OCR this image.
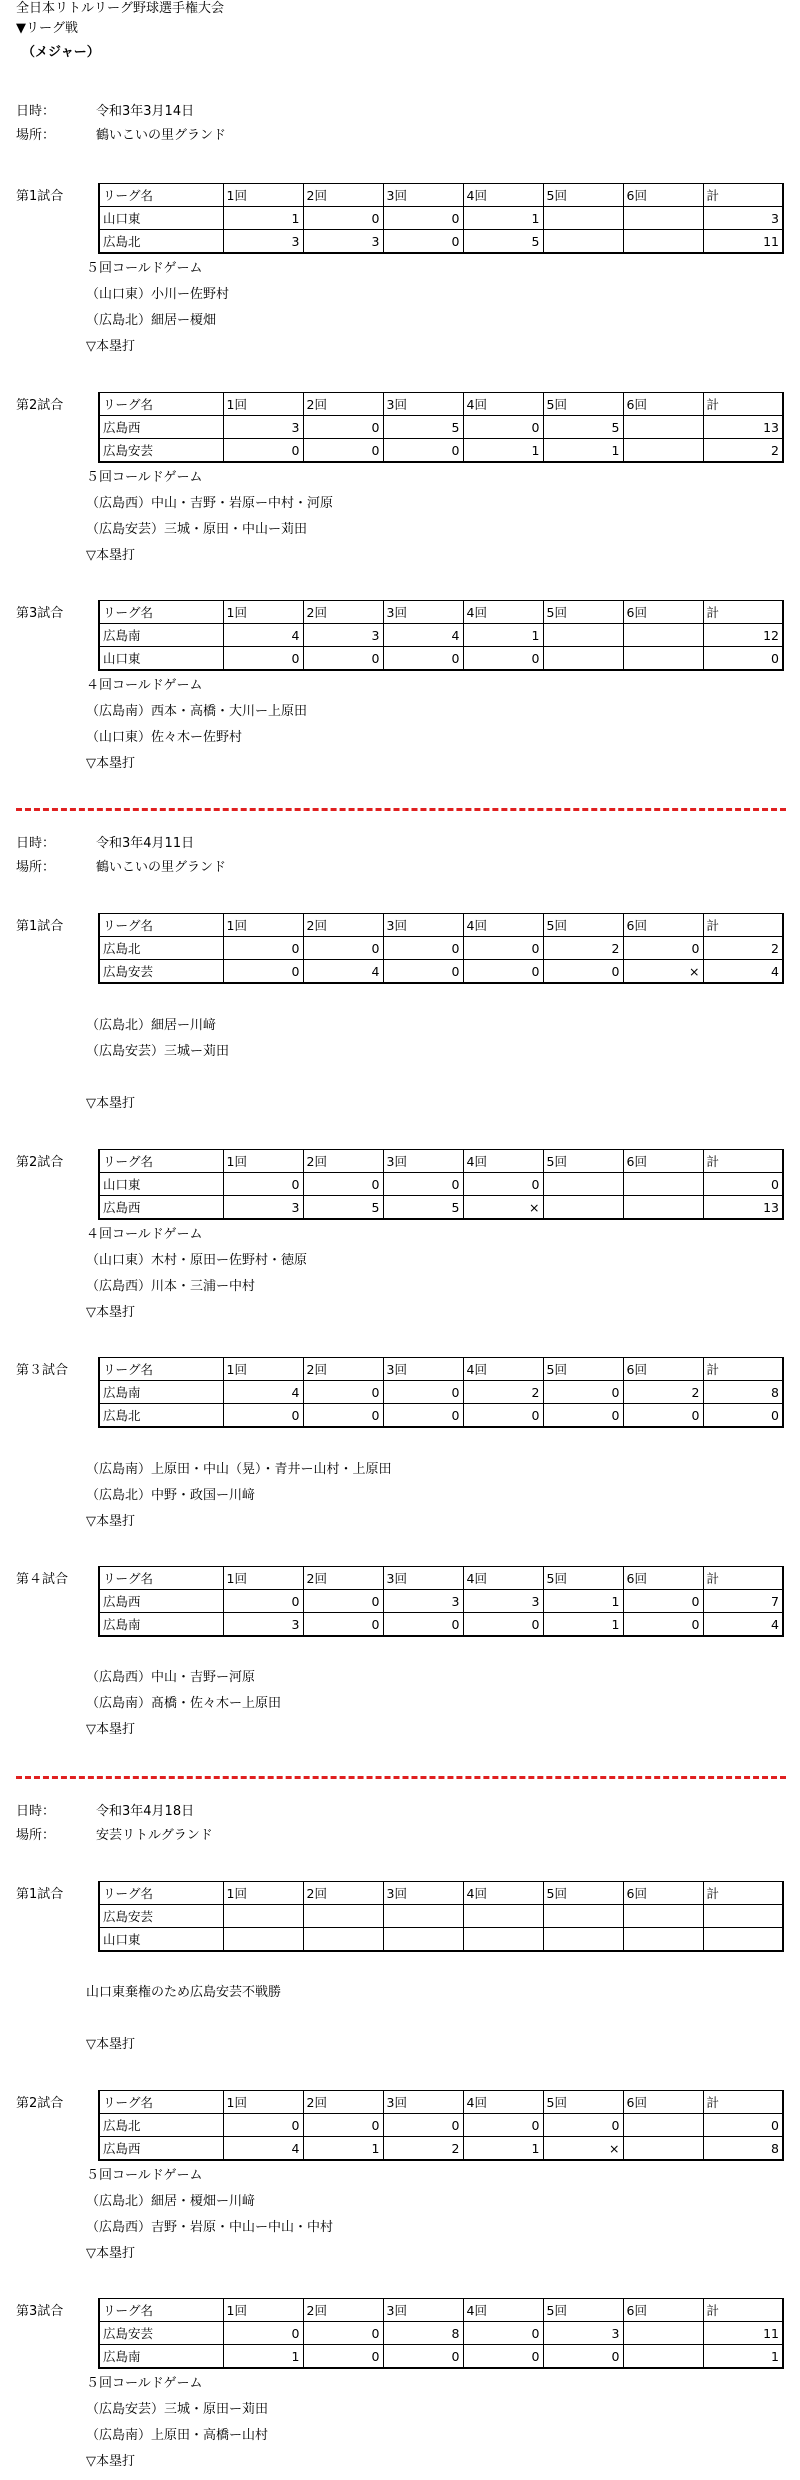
全日本リトルリーグ野球選手権大会
▼リーグ戦
（メジャー）
日時：	令和3年3月14日
場所：	鶴いこいの里グランド
第1試合	リーグ名	1回	2回	3回	4回	5回	6回	計
山口東	1	0	0	1			3
広島北	3	3	0	5			11
５回コールドゲーム
（山口東）小川ー佐野村
（広島北）細居ー榎畑
▽本塁打
第2試合	リーグ名	1回	2回	3回	4回	5回	6回	計
広島西	3	0	5	0	5		13
広島安芸	0	0	0	1	1		2
５回コールドゲーム
（広島西）中山・吉野・岩原ー中村・河原
（広島安芸）三城・原田・中山ー苅田
▽本塁打
第3試合	リーグ名	1回	2回	3回	4回	5回	6回	計
広島南	4	3	4	1			12
山口東	0	0	0	0			0
４回コールドゲーム
（広島南）西本・高橋・大川ー上原田
（山口東）佐々木ー佐野村
▽本塁打
日時：	令和3年4月11日
場所：	鶴いこいの里グランド
第1試合	リーグ名	1回	2回	3回	4回	5回	6回	計
広島北	0	0	0	0	2	0	2
広島安芸	0	4	0	0	0	×	4
（広島北）細居ー川﨑
（広島安芸）三城ー苅田
▽本塁打
第2試合	リーグ名	1回	2回	3回	4回	5回	6回	計
山口東	0	0	0	0			0
広島西	3	5	5	×			13
４回コールドゲーム
（山口東）木村・原田ー佐野村・徳原
（広島西）川本・三浦ー中村
▽本塁打
第３試合	リーグ名	1回	2回	3回	4回	5回	6回	計
広島南	4	0	0	2	0	2	8
広島北	0	0	0	0	0	0	0
（広島南）上原田・中山（晃）・青井ー山村・上原田
（広島北）中野・政国ー川﨑
▽本塁打
第４試合	リーグ名	1回	2回	3回	4回	5回	6回	計
広島西	0	0	3	3	1	0	7
広島南	3	0	0	0	1	0	4
（広島西）中山・吉野ー河原
（広島南）髙橋・佐々木ー上原田
▽本塁打
日時：	令和3年4月18日
場所：	安芸リトルグランド
第1試合	リーグ名	1回	2回	3回	4回	5回	6回	計
広島安芸							
山口東							
山口東棄権のため広島安芸不戦勝
▽本塁打
第2試合	リーグ名	1回	2回	3回	4回	5回	6回	計
広島北	0	0	0	0	0		0
広島西	4	1	2	1	×		8
５回コールドゲーム
（広島北）細居・榎畑ー川﨑
（広島西）吉野・岩原・中山ー中山・中村
▽本塁打
第3試合	リーグ名	1回	2回	3回	4回	5回	6回	計
広島安芸	0	0	8	0	3		11
広島南	1	0	0	0	0		1
５回コールドゲーム
（広島安芸）三城・原田ー苅田
（広島南）上原田・高橋ー山村
▽本塁打
